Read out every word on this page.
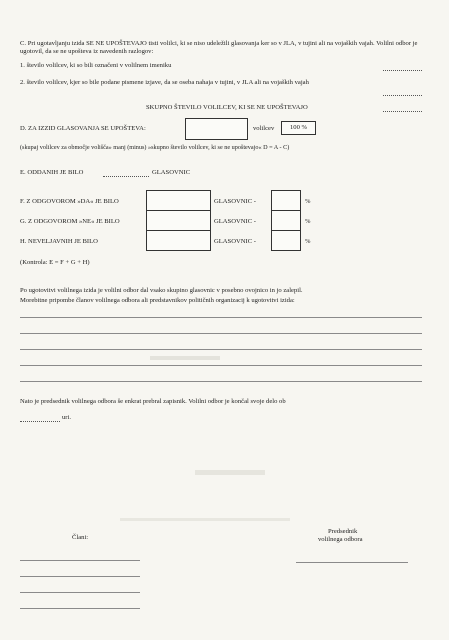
C. Pri ugotavljanju izida SE NE UPOŠTEVAJO tisti volilci, ki se niso udeležili glasovanja ker so v JLA, v tujini ali na vojaških vajah. Volilni odbor je ugotovil, da se ne upošteva iz navedenih razlogov:
1. število volilcev, ki so bili označeni v volilnem imeniku
2. število volilcev, kjer so bile podane pismene izjave, da se oseba nahaja v tujini, v JLA ali na vojaških vajah
SKUPNO ŠTEVILO VOLILCEV, KI SE NE UPOŠTEVAJO
D. ZA IZZID GLASOVANJA SE UPOŠTEVA:	volilcev	100 %
(skupaj volilcev za območje volišča» manj (minus) »skupno število volilcev, ki se ne upoštevajo« D = A - C)
E. ODDANIH JE BILO	GLASOVNIC
F. Z ODGOVOROM »DA« JE BILO	GLASOVNIC -	%
G. Z ODGOVOROM »NE« JE BILO	GLASOVNIC -	%
H. NEVELJAVNIH JE BILO	GLASOVNIC -	%
(Kontrola: E = F + G + H)
Po ugotovitvi volilnega izida je volilni odbor dal vsako skupino glasovnic v posebno ovojnico in jo zalepil.
Morebitne pripombe članov volilnega odbora ali predstavnikov političnih organizacij k ugotovitvi izida:
Nato je predsednik volilnega odbora še enkrat prebral zapisnik. Volilni odbor je končal svoje delo ob
uri.
Člani:
Predsednik
volilnega odbora
